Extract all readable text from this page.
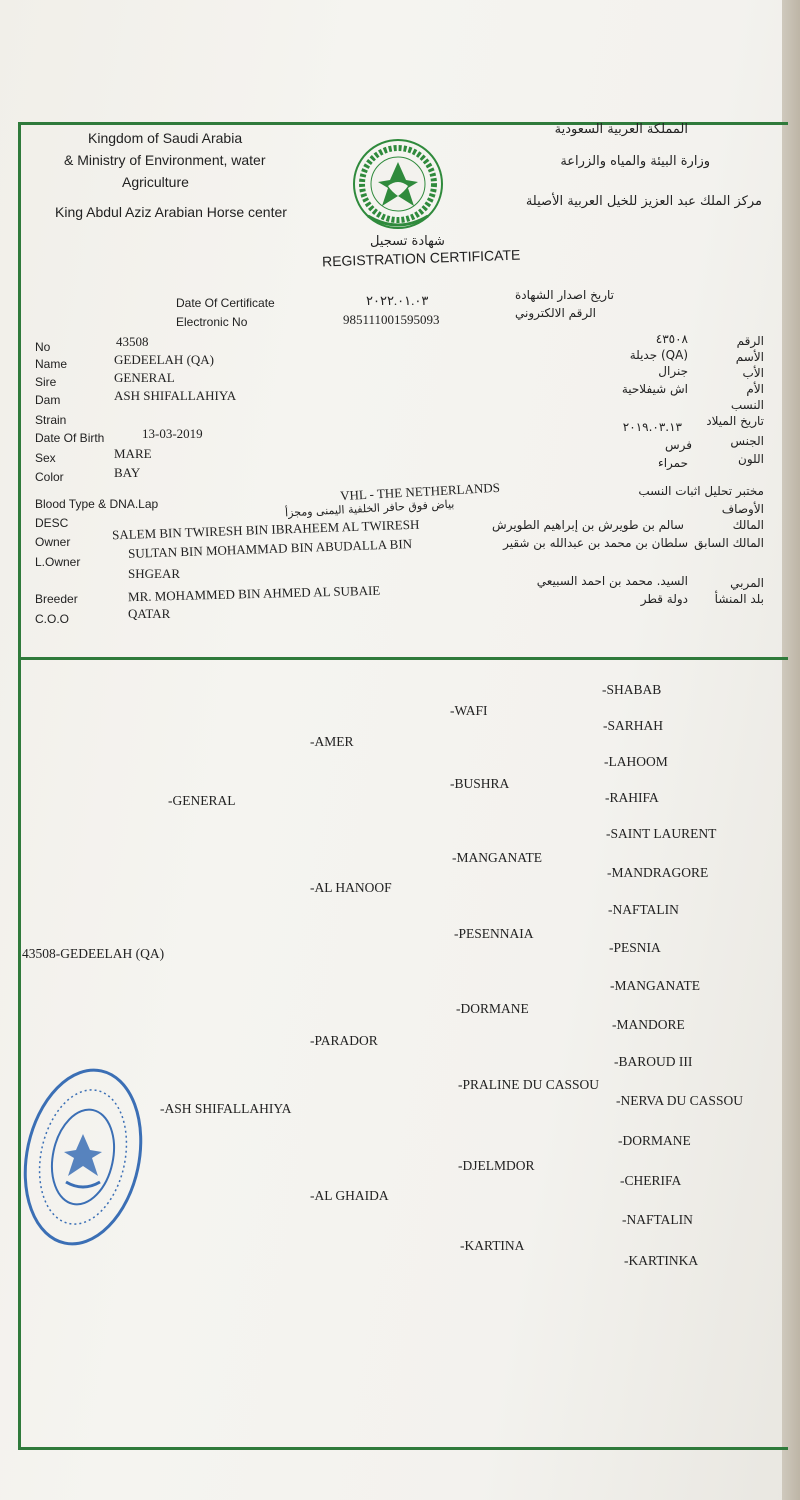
Kingdom of Saudi Arabia
& Ministry of Environment, water
Agriculture
King Abdul Aziz Arabian Horse center
المملكة العربية السعودية
وزارة البيئة والمياه والزراعة
مركز الملك عبد العزيز للخيل العربية الأصيلة
شهادة تسجيل
REGISTRATION CERTIFICATE
Date Of Certificate	٢٠٢٢.٠١.٠٣
Electronic No	985111001595093
تاريخ اصدار الشهادة
الرقم الالكتروني
No
Name
Sire
Dam
Strain
Date Of Birth
Sex
Color
Blood Type & DNA.Lap
DESC
Owner
L.Owner
Breeder
C.O.O
43508
GEDEELAH (QA)
GENERAL
ASH SHIFALLAHIYA
13-03-2019
MARE
BAY
VHL - THE NETHERLANDS
بياض فوق حافر الخلفية اليمنى ومجزأ
SALEM BIN TWIRESH BIN IBRAHEEM AL TWIRESH
SULTAN BIN MOHAMMAD BIN ABUDALLA BIN
SHGEAR
MR. MOHAMMED BIN AHMED AL SUBAIE
QATAR
الرقم
الأسم
الأب
الأم
النسب
تاريخ الميلاد
الجنس
اللون
مختبر تحليل اثبات النسب
الأوصاف
المالك
المالك السابق
المربي
بلد المنشأ
٤٣٥٠٨
(QA) جديلة
جنرال
اش شيفلاحية
٢٠١٩.٠٣.١٣
فرس
حمراء
سالم بن طويرش بن إبراهيم الطويرش
سلطان بن محمد بن عبدالله بن شقير
السيد. محمد بن احمد السبيعي
دولة قطر
43508-GEDEELAH (QA)
-GENERAL
-ASH SHIFALLAHIYA
-AMER
-AL HANOOF
-PARADOR
-AL GHAIDA
-WAFI
-BUSHRA
-MANGANATE
-PESENNAIA
-DORMANE
-PRALINE DU CASSOU
-DJELMDOR
-KARTINA
-SHABAB
-SARHAH
-LAHOOM
-RAHIFA
-SAINT LAURENT
-MANDRAGORE
-NAFTALIN
-PESNIA
-MANGANATE
-MANDORE
-BAROUD III
-NERVA DU CASSOU
-DORMANE
-CHERIFA
-NAFTALIN
-KARTINKA
